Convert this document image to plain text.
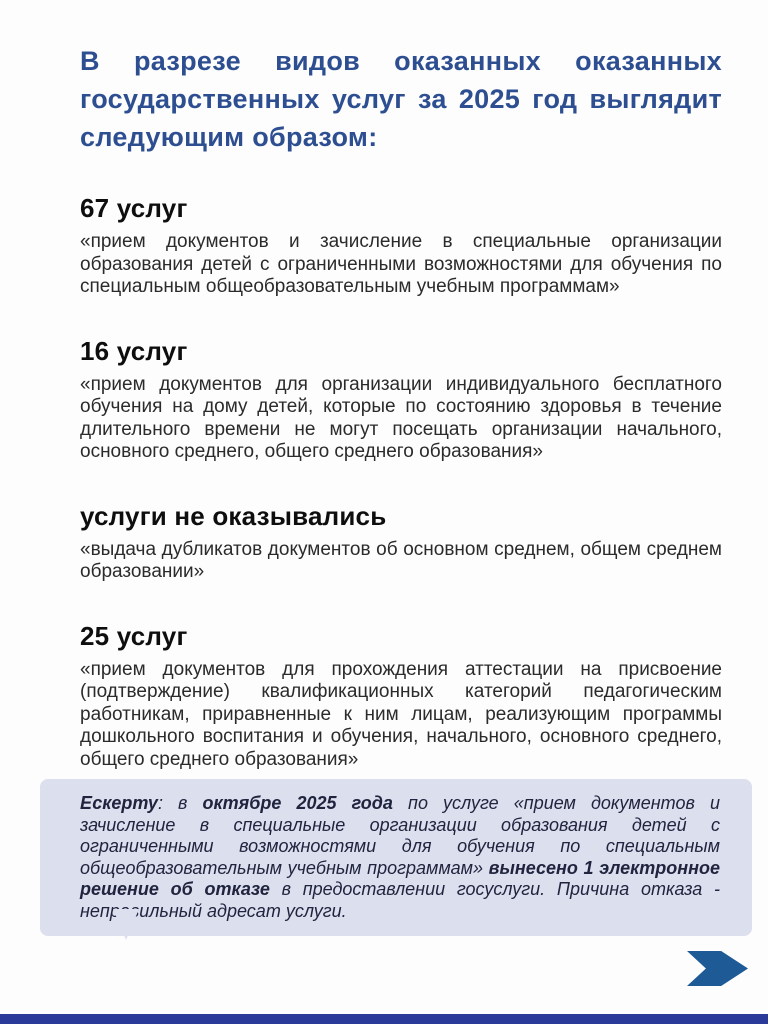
В разрезе видов оказанных оказанных государственных услуг за 2025 год выглядит следующим образом:
67 услуг
«прием документов и зачисление в специальные организации образования детей с ограниченными возможностями для обучения по специальным общеобразовательным учебным программам»
16 услуг
«прием документов для организации индивидуального бесплатного обучения на дому детей, которые по состоянию здоровья в течение длительного времени не могут посещать организации начального, основного среднего, общего среднего образования»
услуги не оказывались
«выдача дубликатов документов об основном среднем, общем среднем образовании»
25 услуг
«прием документов для прохождения аттестации на присвоение (подтверждение) квалификационных категорий педагогическим работникам, приравненные к ним лицам, реализующим программы дошкольного воспитания и обучения, начального, основного среднего, общего среднего образования»
Ескерту: в октябре 2025 года по услуге «прием документов и зачисление в специальные организации образования детей с ограниченными возможностями для обучения по специальным общеобразовательным учебным программам» вынесено 1 электронное решение об отказе в предоставлении госуслуги. Причина отказа - неправильный адресат услуги.
